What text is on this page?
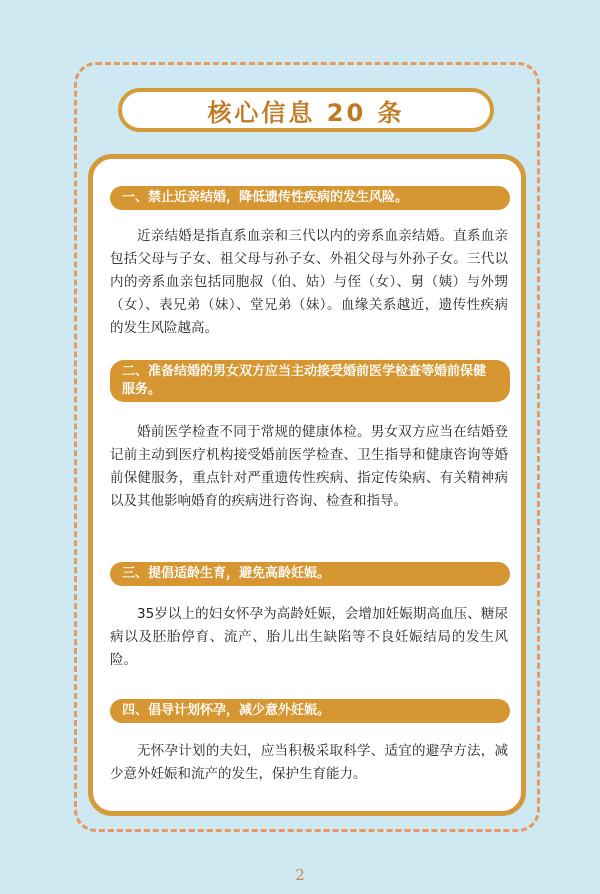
核心信息 20 条
一、禁止近亲结婚，降低遗传性疾病的发生风险。

近亲结婚是指直系血亲和三代以内的旁系血亲结婚。直系血亲包括父母与子女、祖父母与孙子女、外祖父母与外孙子女。三代以内的旁系血亲包括同胞叔（伯、姑）与侄（女）、舅（姨）与外甥（女）、表兄弟（妹）、堂兄弟（妹）。血缘关系越近，遗传性疾病的发生风险越高。

二、准备结婚的男女双方应当主动接受婚前医学检查等婚前保健服务。

婚前医学检查不同于常规的健康体检。男女双方应当在结婚登记前主动到医疗机构接受婚前医学检查、卫生指导和健康咨询等婚前保健服务，重点针对严重遗传性疾病、指定传染病、有关精神病以及其他影响婚育的疾病进行咨询、检查和指导。

三、提倡适龄生育，避免高龄妊娠。

35岁以上的妇女怀孕为高龄妊娠，会增加妊娠期高血压、糖尿病以及胚胎停育、流产、胎儿出生缺陷等不良妊娠结局的发生风险。

四、倡导计划怀孕，减少意外妊娠。

无怀孕计划的夫妇，应当积极采取科学、适宜的避孕方法，减少意外妊娠和流产的发生，保护生育能力。

2
